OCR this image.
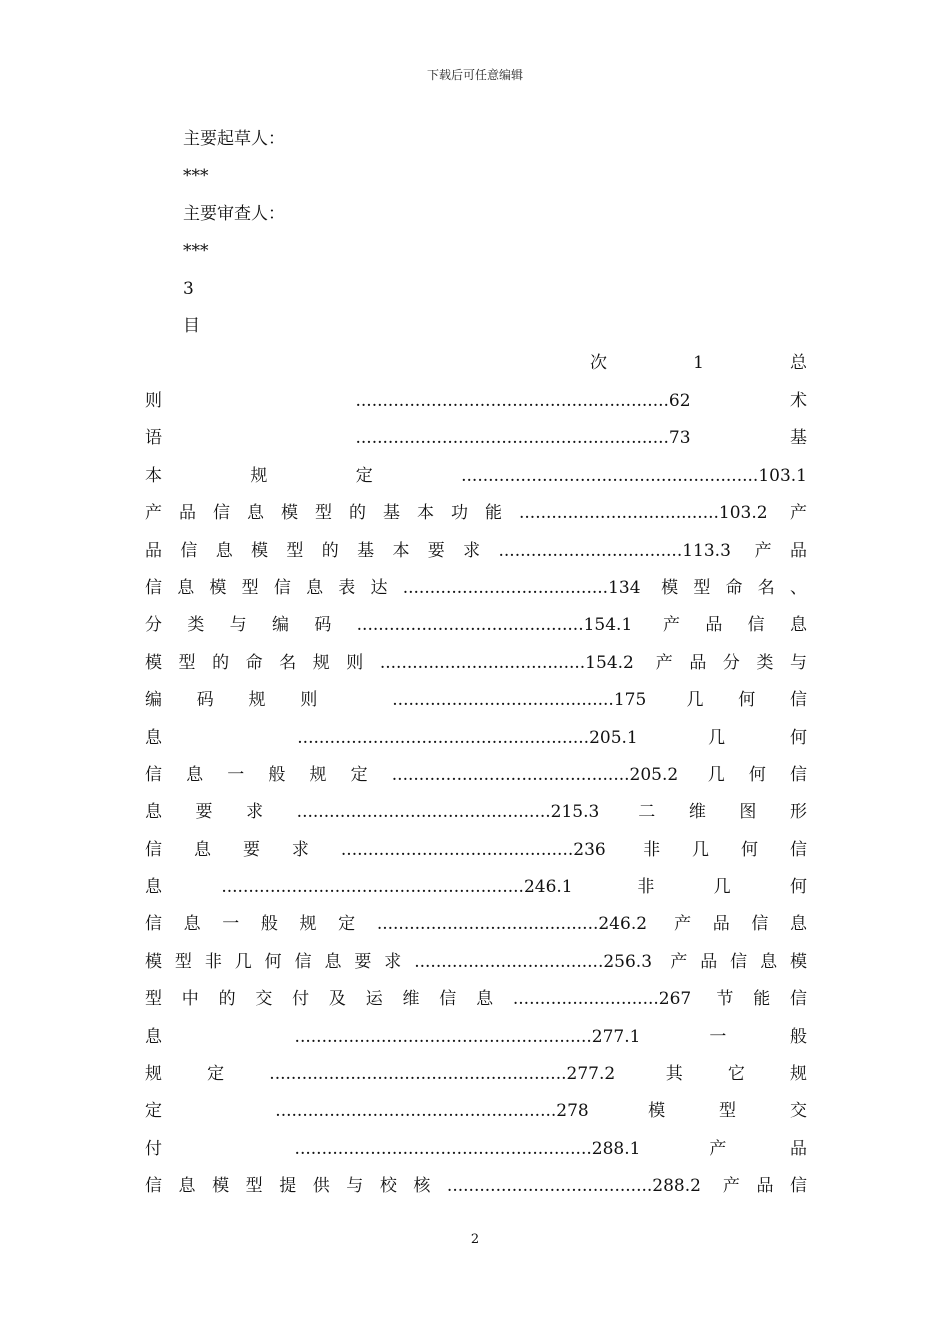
下载后可任意编辑
主要起草人：
***
主要审查人：
***
3
目
次	1	总
则 ..........................................................62 术
语 ..........................................................73 基
本规定.......................................................103.1
产品信息模型的基本功能.....................................103.2 产
品信息模型的基本要求..................................113.3 产品
信息模型信息表达......................................134 模型命名、
分类与编码..........................................154.1 产品信息
模型的命名规则......................................154.2 产品分类与
编码规则 .........................................175 几何信
息 ......................................................205.1 几何
信息一般规定............................................205.2 几何信
息要求...............................................215.3 二维图形
信息要求...........................................236 非几何信
息........................................................246.1 非几何
信息一般规定.........................................246.2 产品信息
模型非几何信息要求...................................256.3 产品信息模
型中的交付及运维信息...........................267 节能信
息 .......................................................277.1 一般
规定.......................................................277.2 其它规
定 ....................................................278 模型交
付 .......................................................288.1 产品
信息模型提供与校核......................................288.2 产品信
2
